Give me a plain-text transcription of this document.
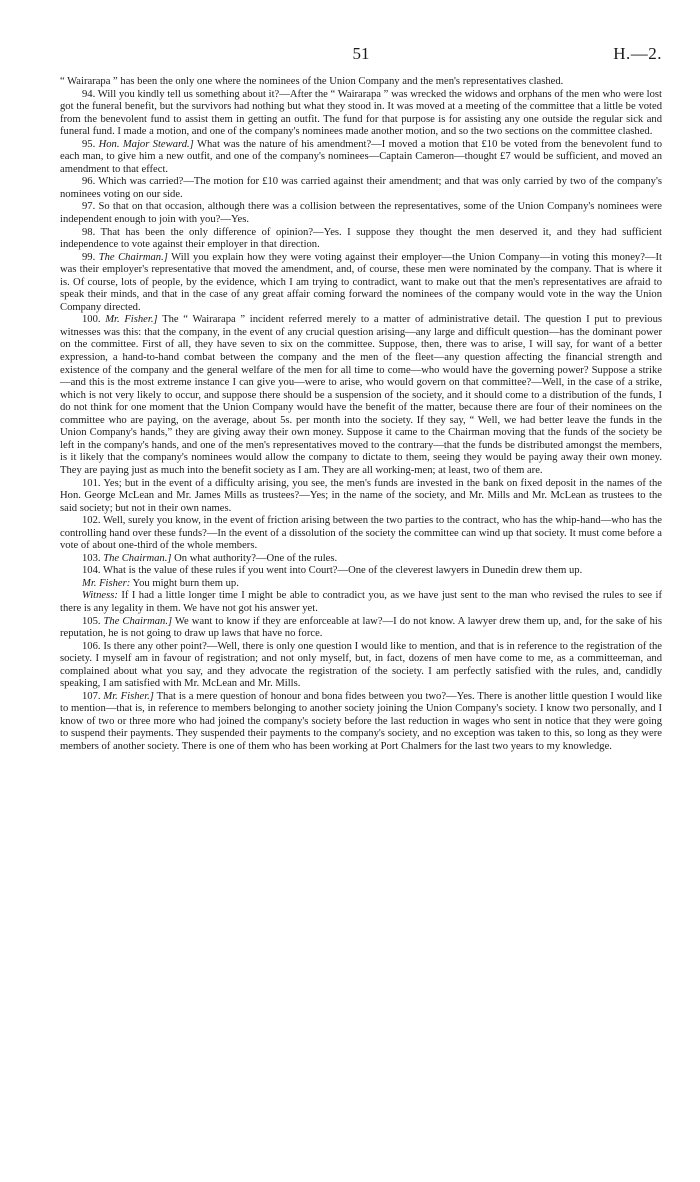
51	H.—2.

“ Wairarapa ” has been the only one where the nominees of the Union Company and the men's representatives clashed.

94. Will you kindly tell us something about it?—After the “ Wairarapa ” was wrecked the widows and orphans of the men who were lost got the funeral benefit, but the survivors had nothing but what they stood in. It was moved at a meeting of the committee that a little be voted from the benevolent fund to assist them in getting an outfit. The fund for that purpose is for assisting any one outside the regular sick and funeral fund. I made a motion, and one of the company's nominees made another motion, and so the two sections on the committee clashed.

95. Hon. Major Steward.] What was the nature of his amendment?—I moved a motion that £10 be voted from the benevolent fund to each man, to give him a new outfit, and one of the company's nominees—Captain Cameron—thought £7 would be sufficient, and moved an amendment to that effect.

96. Which was carried?—The motion for £10 was carried against their amendment; and that was only carried by two of the company's nominees voting on our side.

97. So that on that occasion, although there was a collision between the representatives, some of the Union Company's nominees were independent enough to join with you?—Yes.

98. That has been the only difference of opinion?—Yes. I suppose they thought the men deserved it, and they had sufficient independence to vote against their employer in that direction.

99. The Chairman.] Will you explain how they were voting against their employer—the Union Company—in voting this money?—It was their employer's representative that moved the amendment, and, of course, these men were nominated by the company. That is where it is. Of course, lots of people, by the evidence, which I am trying to contradict, want to make out that the men's representatives are afraid to speak their minds, and that in the case of any great affair coming forward the nominees of the company would vote in the way the Union Company directed.

100. Mr. Fisher.] The “ Wairarapa ” incident referred merely to a matter of administrative detail. The question I put to previous witnesses was this: that the company, in the event of any crucial question arising—any large and difficult question—has the dominant power on the committee. First of all, they have seven to six on the committee. Suppose, then, there was to arise, I will say, for want of a better expression, a hand-to-hand combat between the company and the men of the fleet—any question affecting the financial strength and existence of the company and the general welfare of the men for all time to come—who would have the governing power? Suppose a strike—and this is the most extreme instance I can give you—were to arise, who would govern on that committee?—Well, in the case of a strike, which is not very likely to occur, and suppose there should be a suspension of the society, and it should come to a distribution of the funds, I do not think for one moment that the Union Company would have the benefit of the matter, because there are four of their nominees on the committee who are paying, on the average, about 5s. per month into the society. If they say, “ Well, we had better leave the funds in the Union Company's hands,” they are giving away their own money. Suppose it came to the Chairman moving that the funds of the society be left in the company's hands, and one of the men's representatives moved to the contrary—that the funds be distributed amongst the members, is it likely that the company's nominees would allow the company to dictate to them, seeing they would be paying away their own money. They are paying just as much into the benefit society as I am. They are all working-men; at least, two of them are.

101. Yes; but in the event of a difficulty arising, you see, the men's funds are invested in the bank on fixed deposit in the names of the Hon. George McLean and Mr. James Mills as trustees?—Yes; in the name of the society, and Mr. Mills and Mr. McLean as trustees to the said society; but not in their own names.

102. Well, surely you know, in the event of friction arising between the two parties to the contract, who has the whip-hand—who has the controlling hand over these funds?—In the event of a dissolution of the society the committee can wind up that society. It must come before a vote of about one-third of the whole members.

103. The Chairman.] On what authority?—One of the rules.

104. What is the value of these rules if you went into Court?—One of the cleverest lawyers in Dunedin drew them up.

Mr. Fisher: You might burn them up.

Witness: If I had a little longer time I might be able to contradict you, as we have just sent to the man who revised the rules to see if there is any legality in them. We have not got his answer yet.

105. The Chairman.] We want to know if they are enforceable at law?—I do not know. A lawyer drew them up, and, for the sake of his reputation, he is not going to draw up laws that have no force.

106. Is there any other point?—Well, there is only one question I would like to mention, and that is in reference to the registration of the society. I myself am in favour of registration; and not only myself, but, in fact, dozens of men have come to me, as a committeeman, and complained about what you say, and they advocate the registration of the society. I am perfectly satisfied with the rules, and, candidly speaking, I am satisfied with Mr. McLean and Mr. Mills.

107. Mr. Fisher.] That is a mere question of honour and bona fides between you two?—Yes. There is another little question I would like to mention—that is, in reference to members belonging to another society joining the Union Company's society. I know two personally, and I know of two or three more who had joined the company's society before the last reduction in wages who sent in notice that they were going to suspend their payments. They suspended their payments to the company's society, and no exception was taken to this, so long as they were members of another society. There is one of them who has been working at Port Chalmers for the last two years to my knowledge.
